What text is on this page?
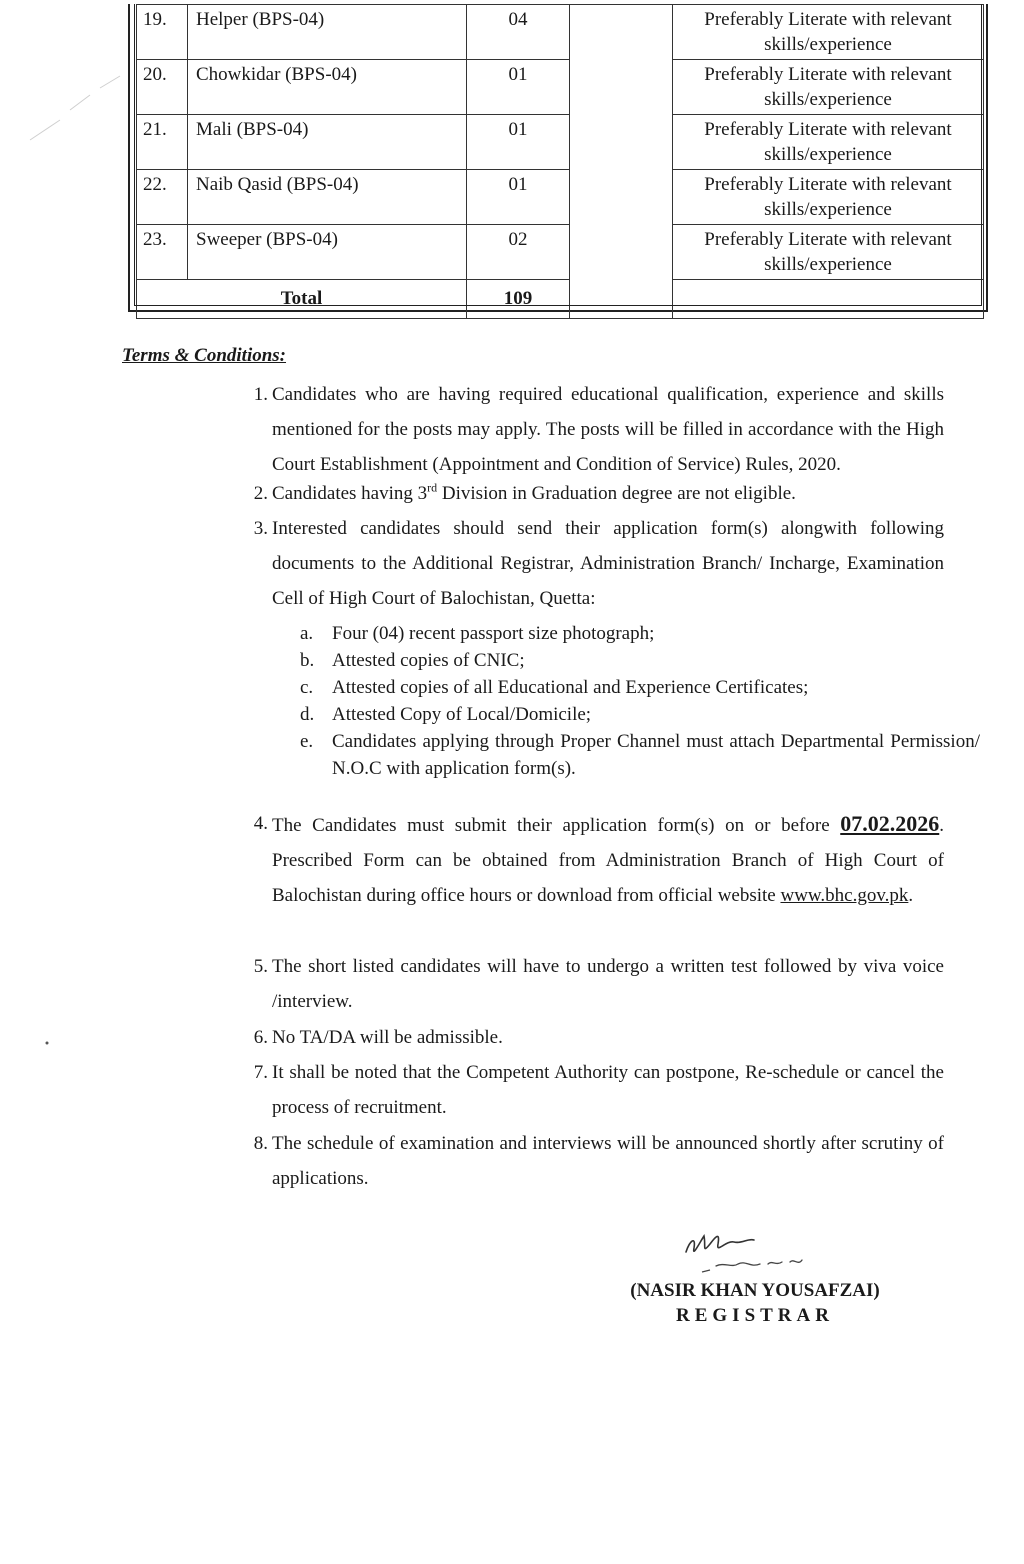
19.	Helper (BPS-04)	04		Preferably Literate with relevant
skills/experience

20.	Chowkidar (BPS-04)	01		Preferably Literate with relevant
skills/experience

21.	Mali (BPS-04)	01		Preferably Literate with relevant
skills/experience

22.	Naib Qasid (BPS-04)	01		Preferably Literate with relevant
skills/experience

23.	Sweeper (BPS-04)	02		Preferably Literate with relevant
skills/experience

Total		109		
Terms & Conditions:
1. Candidates who are having required educational qualification, experience and skills mentioned for the posts may apply. The posts will be filled in accordance with the High Court Establishment (Appointment and Condition of Service) Rules, 2020.
2. Candidates having 3rd Division in Graduation degree are not eligible.
3. Interested candidates should send their application form(s) alongwith following documents to the Additional Registrar, Administration Branch/ Incharge, Examination Cell of High Court of Balochistan, Quetta:
a. Four (04) recent passport size photograph;
b. Attested copies of CNIC;
c. Attested copies of all Educational and Experience Certificates;
d. Attested Copy of Local/Domicile;
e. Candidates applying through Proper Channel must attach Departmental Permission/ N.O.C with application form(s).
4. The Candidates must submit their application form(s) on or before 07.02.2026. Prescribed Form can be obtained from Administration Branch of High Court of Balochistan during office hours or download from official website www.bhc.gov.pk.
5. The short listed candidates will have to undergo a written test followed by viva voice /interview.
6. No TA/DA will be admissible.
7. It shall be noted that the Competent Authority can postpone, Re-schedule or cancel the process of recruitment.
8. The schedule of examination and interviews will be announced shortly after scrutiny of applications.
(NASIR KHAN YOUSAFZAI)
REGISTRAR
